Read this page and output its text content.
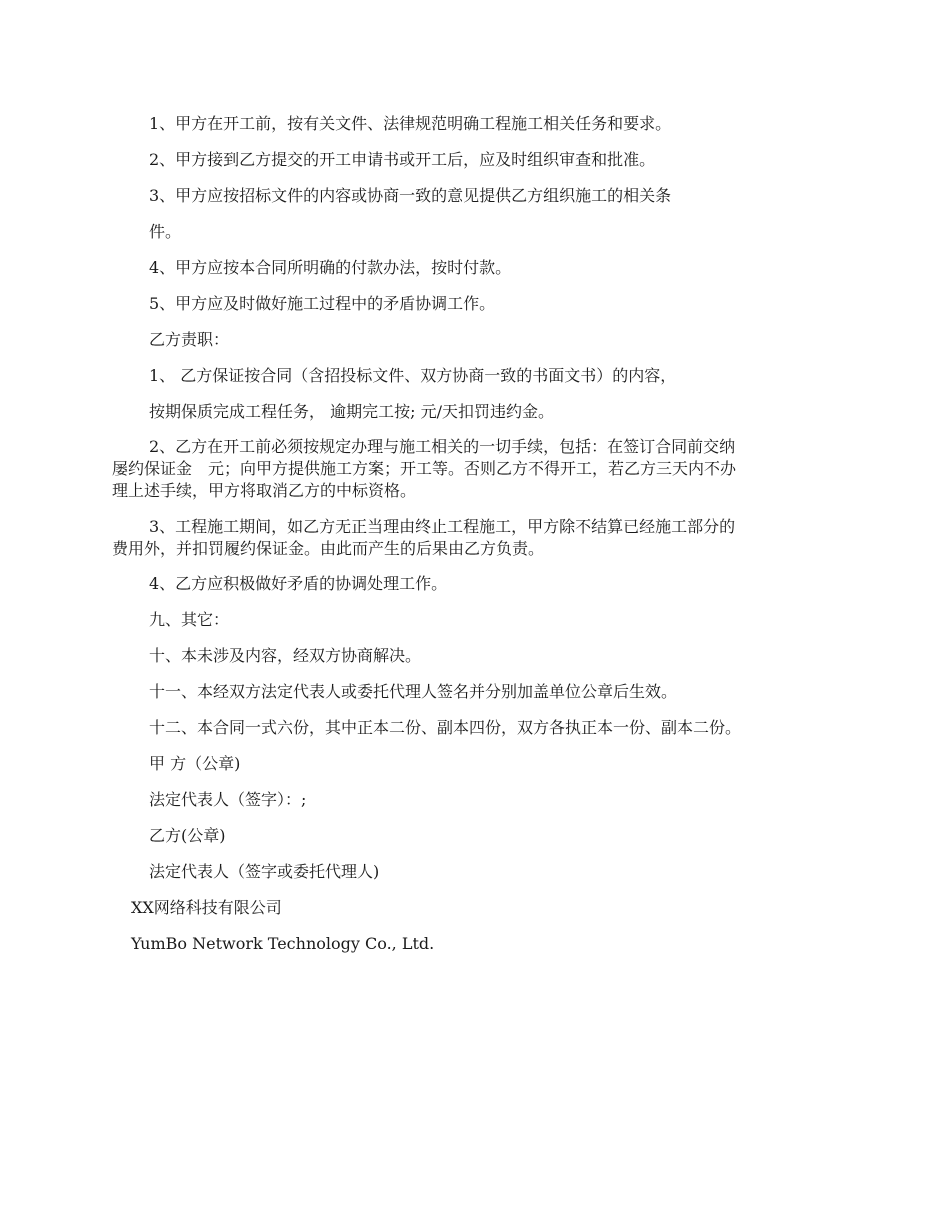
1、甲方在开工前，按有关文件、法律规范明确工程施工相关任务和要求。

2、甲方接到乙方提交的开工申请书或开工后，应及时组织审查和批准。

3、甲方应按招标文件的内容或协商一致的意见提供乙方组织施工的相关条

件。

4、甲方应按本合同所明确的付款办法，按时付款。

5、甲方应及时做好施工过程中的矛盾协调工作。

乙方责职：

1、 乙方保证按合同（含招投标文件、双方协商一致的书面文书）的内容，

按期保质完成工程任务， 逾期完工按; 元/天扣罚违约金。

2、乙方在开工前必须按规定办理与施工相关的一切手续，包括：在签订合同前交纳
屡约保证金　元；向甲方提供施工方案；开工等。否则乙方不得开工，若乙方三天内不办
理上述手续，甲方将取消乙方的中标资格。
3、工程施工期间，如乙方无正当理由终止工程施工，甲方除不结算已经施工部分的
费用外，并扣罚履约保证金。由此而产生的后果由乙方负责。

4、乙方应积极做好矛盾的协调处理工作。

九、其它：

十、本未涉及内容，经双方协商解决。

十一、本经双方法定代表人或委托代理人签名并分别加盖单位公章后生效。

十二、本合同一式六份，其中正本二份、副本四份，双方各执正本一份、副本二份。

甲 方（公章)

法定代表人（签字）：;

乙方(公章)

法定代表人（签字或委托代理人)

XX网络科技有限公司

YumBo Network Technology Co., Ltd.
